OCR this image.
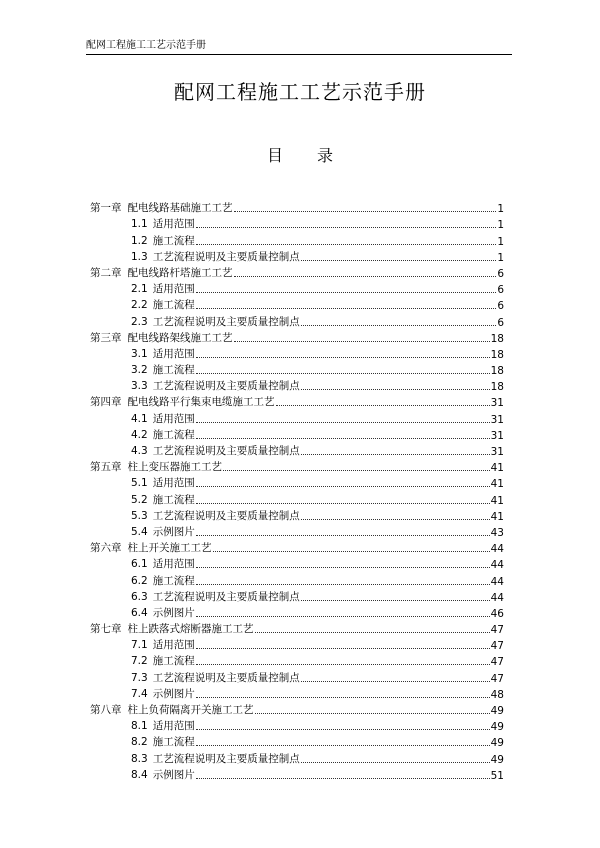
配网工程施工工艺示范手册
配网工程施工工艺示范手册
目 录
第一章 配电线路基础施工工艺	1
1.1 适用范围	1
1.2 施工流程	1
1.3 工艺流程说明及主要质量控制点	1
第二章 配电线路杆塔施工工艺	6
2.1 适用范围	6
2.2 施工流程	6
2.3 工艺流程说明及主要质量控制点	6
第三章 配电线路架线施工工艺	18
3.1 适用范围	18
3.2 施工流程	18
3.3 工艺流程说明及主要质量控制点	18
第四章 配电线路平行集束电缆施工工艺	31
4.1 适用范围	31
4.2 施工流程	31
4.3 工艺流程说明及主要质量控制点	31
第五章 柱上变压器施工工艺	41
5.1 适用范围	41
5.2 施工流程	41
5.3 工艺流程说明及主要质量控制点	41
5.4 示例图片	43
第六章 柱上开关施工工艺	44
6.1 适用范围	44
6.2 施工流程	44
6.3 工艺流程说明及主要质量控制点	44
6.4 示例图片	46
第七章 柱上跌落式熔断器施工工艺	47
7.1 适用范围	47
7.2 施工流程	47
7.3 工艺流程说明及主要质量控制点	47
7.4 示例图片	48
第八章 柱上负荷隔离开关施工工艺	49
8.1 适用范围	49
8.2 施工流程	49
8.3 工艺流程说明及主要质量控制点	49
8.4 示例图片	51
